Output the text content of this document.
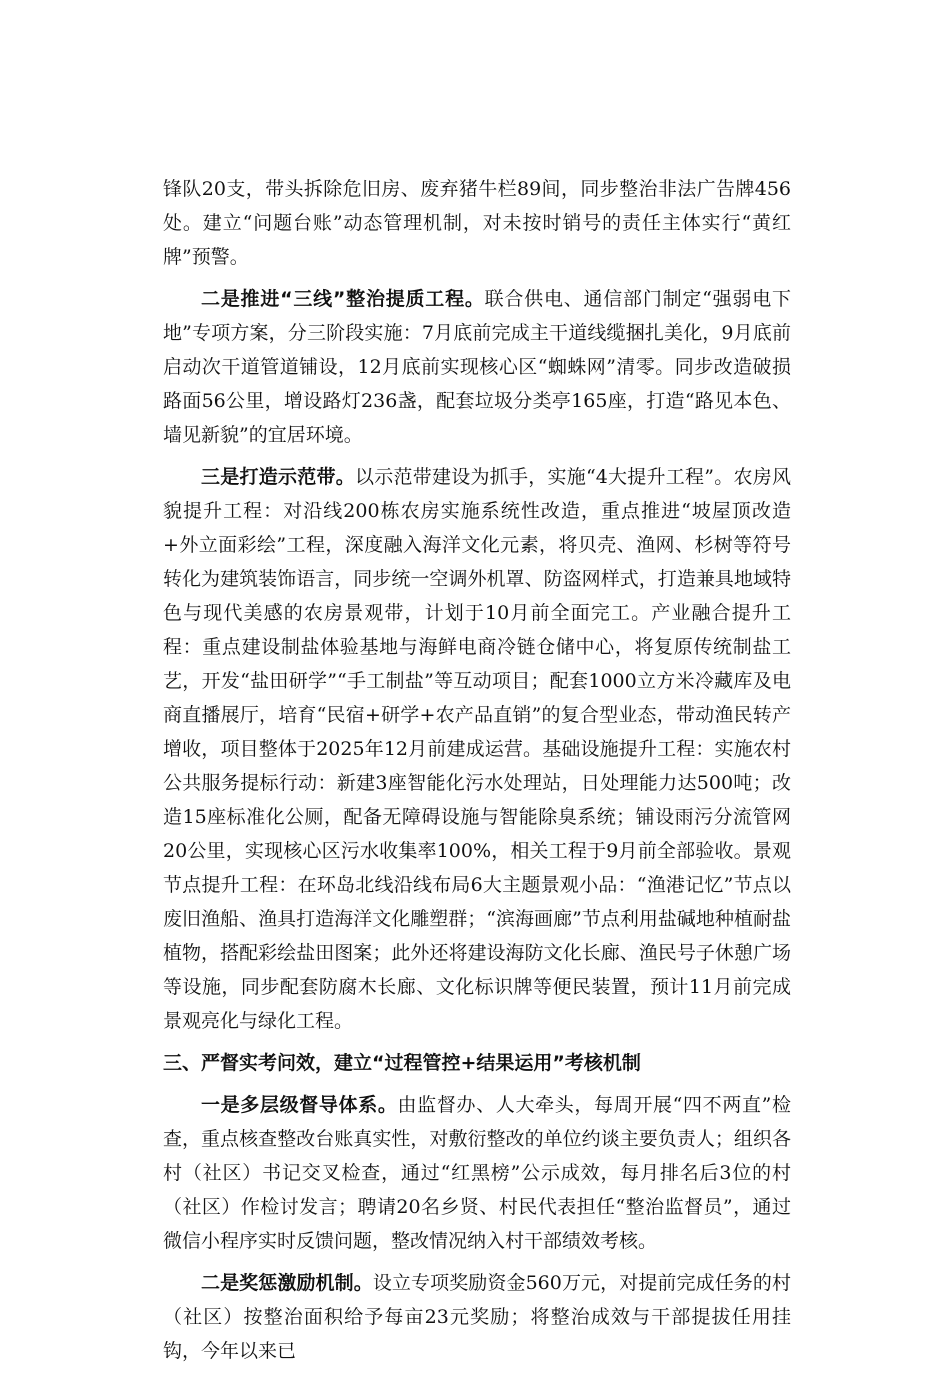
锋队20支，带头拆除危旧房、废弃猪牛栏89间，同步整治非法广告牌456处。建立“问题台账”动态管理机制，对未按时销号的责任主体实行“黄红牌”预警。

二是推进“三线”整治提质工程。联合供电、通信部门制定“强弱电下地”专项方案，分三阶段实施：7月底前完成主干道线缆捆扎美化，9月底前启动次干道管道铺设，12月底前实现核心区“蜘蛛网”清零。同步改造破损路面56公里，增设路灯236盏，配套垃圾分类亭165座，打造“路见本色、墙见新貌”的宜居环境。

三是打造示范带。以示范带建设为抓手，实施“4大提升工程”。农房风貌提升工程：对沿线200栋农房实施系统性改造，重点推进“坡屋顶改造+外立面彩绘”工程，深度融入海洋文化元素，将贝壳、渔网、杉树等符号转化为建筑装饰语言，同步统一空调外机罩、防盗网样式，打造兼具地域特色与现代美感的农房景观带，计划于10月前全面完工。产业融合提升工程：重点建设制盐体验基地与海鲜电商冷链仓储中心，将复原传统制盐工艺，开发“盐田研学”“手工制盐”等互动项目；配套1000立方米冷藏库及电商直播展厅，培育“民宿+研学+农产品直销”的复合型业态，带动渔民转产增收，项目整体于2025年12月前建成运营。基础设施提升工程：实施农村公共服务提标行动：新建3座智能化污水处理站，日处理能力达500吨；改造15座标准化公厕，配备无障碍设施与智能除臭系统；铺设雨污分流管网20公里，实现核心区污水收集率100%，相关工程于9月前全部验收。景观节点提升工程：在环岛北线沿线布局6大主题景观小品：“渔港记忆”节点以废旧渔船、渔具打造海洋文化雕塑群；“滨海画廊”节点利用盐碱地种植耐盐植物，搭配彩绘盐田图案；此外还将建设海防文化长廊、渔民号子休憩广场等设施，同步配套防腐木长廊、文化标识牌等便民装置，预计11月前完成景观亮化与绿化工程。

三、严督实考问效，建立“过程管控+结果运用”考核机制

一是多层级督导体系。由监督办、人大牵头，每周开展“四不两直”检查，重点核查整改台账真实性，对敷衍整改的单位约谈主要负责人；组织各村（社区）书记交叉检查，通过“红黑榜”公示成效，每月排名后3位的村（社区）作检讨发言；聘请20名乡贤、村民代表担任“整治监督员”，通过微信小程序实时反馈问题，整改情况纳入村干部绩效考核。

二是奖惩激励机制。设立专项奖励资金560万元，对提前完成任务的村（社区）按整治面积给予每亩23元奖励；将整治成效与干部提拔任用挂钩，今年以来已
